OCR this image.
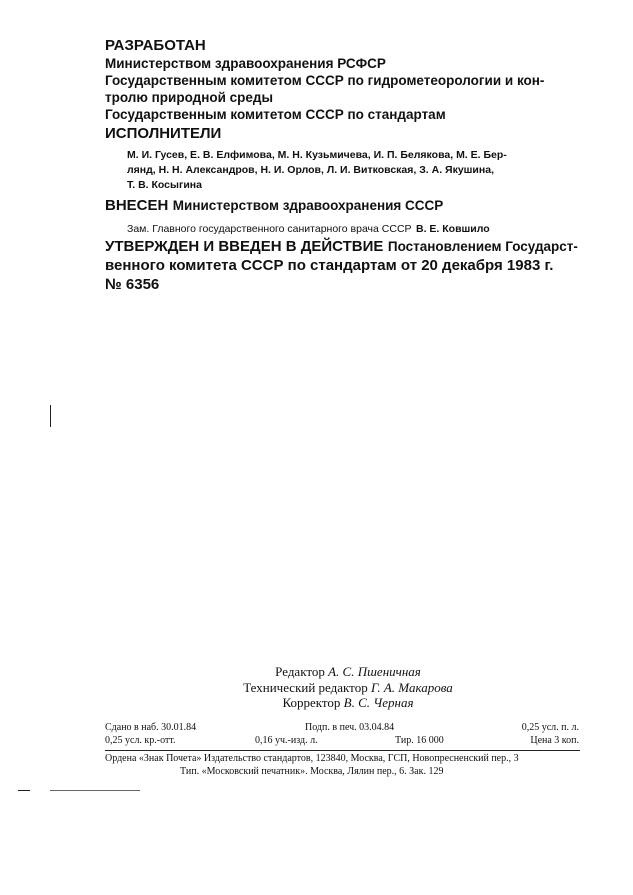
РАЗРАБОТАН
Министерством здравоохранения РСФСР
Государственным комитетом СССР по гидрометеорологии и кон-
тролю природной среды
Государственным комитетом СССР по стандартам
ИСПОЛНИТЕЛИ
М. И. Гусев, Е. В. Елфимова, М. Н. Кузьмичева, И. П. Белякова, М. Е. Бер-
лянд, Н. Н. Александров, Н. И. Орлов, Л. И. Витковская, З. А. Якушина,
Т. В. Косыгина
ВНЕСЕН Министерством здравоохранения СССР
Зам. Главного государственного санитарного врача СССР В. Е. Ковшило
УТВЕРЖДЕН И ВВЕДЕН В ДЕЙСТВИЕ Постановлением Государст-
венного комитета СССР по стандартам от 20 декабря 1983 г.
№ 6356
Редактор А. С. Пшеничная
Технический редактор Г. А. Макарова
Корректор В. С. Черная
Сдано в наб. 30.01.84	Подп. в печ. 03.04.84	0,25 усл. п. л.
0,25 усл. кр.-отт.	0,16 уч.-изд. л.	Тир. 16 000	Цена 3 коп.
Ордена «Знак Почета» Издательство стандартов, 123840, Москва, ГСП, Новопресненский пер., 3
Тип. «Московский печатник». Москва, Лялин пер., 6. Зак. 129
